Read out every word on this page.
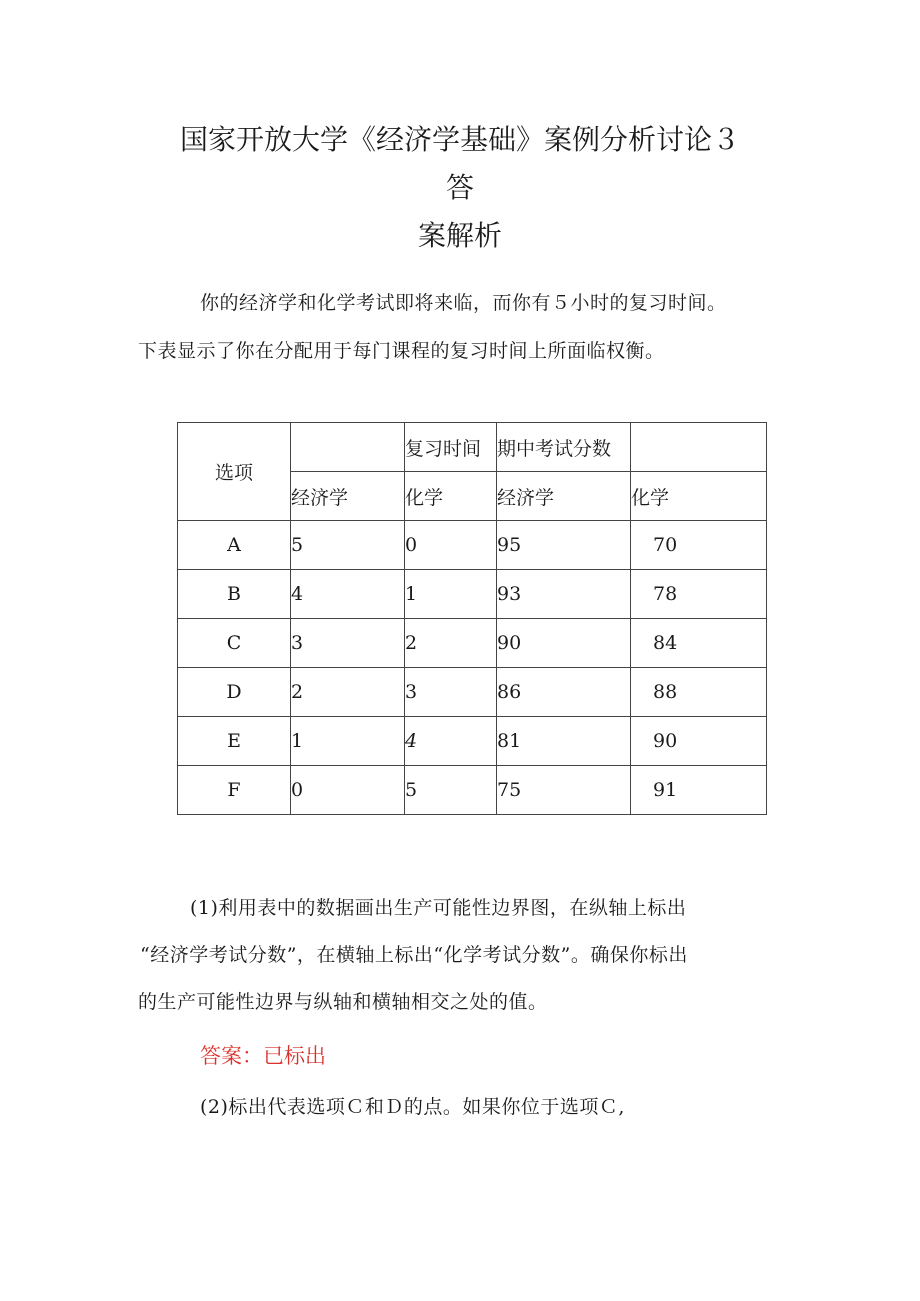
国家开放大学《经济学基础》案例分析讨论３
答
案解析
你的经济学和化学考试即将来临，而你有５小时的复习时间。
下表显示了你在分配用于每门课程的复习时间上所面临权衡。
选项		复习时间	期中考试分数	
	经济学	化学	经济学	化学
A	5	0	95	70
B	4	1	93	78
C	3	2	90	84
D	2	3	86	88
E	1	4	81	90
F	0	5	75	91
(1)利用表中的数据画出生产可能性边界图，在纵轴上标出
“经济学考试分数”，在横轴上标出“化学考试分数”。确保你标出
的生产可能性边界与纵轴和横轴相交之处的值。
答案：已标出
(2)标出代表选项Ｃ和Ｄ的点。如果你位于选项Ｃ,
